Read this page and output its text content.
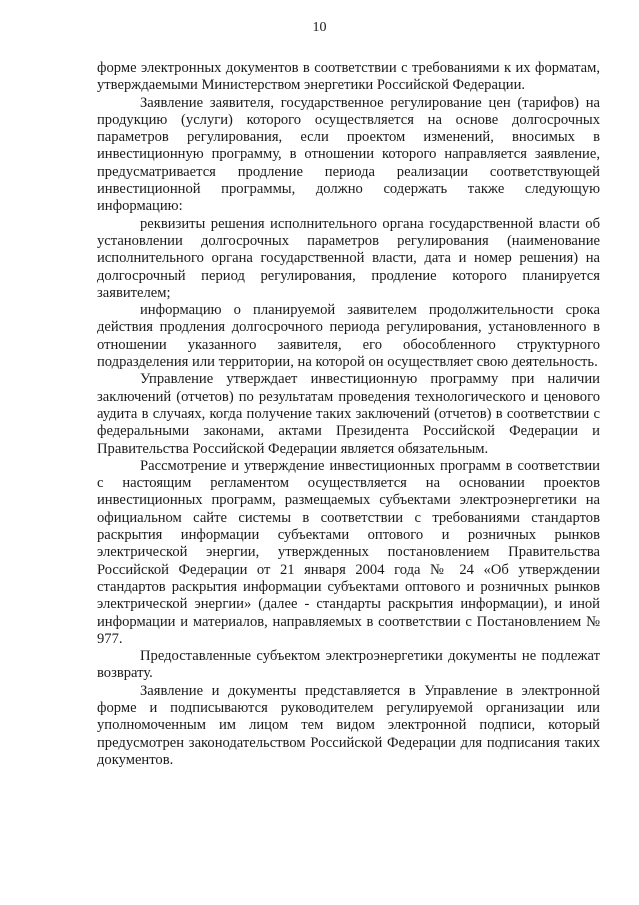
10

форме электронных документов в соответствии с требованиями к их форматам, утверждаемыми Министерством энергетики Российской Федерации.

Заявление заявителя, государственное регулирование цен (тарифов) на продукцию (услуги) которого осуществляется на основе долгосрочных параметров регулирования, если проектом изменений, вносимых в инвестиционную программу, в отношении которого направляется заявление, предусматривается продление периода реализации соответствующей инвестиционной программы, должно содержать также следующую информацию:

реквизиты решения исполнительного органа государственной власти об установлении долгосрочных параметров регулирования (наименование исполнительного органа государственной власти, дата и номер решения) на долгосрочный период регулирования, продление которого планируется заявителем;

информацию о планируемой заявителем продолжительности срока действия продления долгосрочного периода регулирования, установленного в отношении указанного заявителя, его обособленного структурного подразделения или территории, на которой он осуществляет свою деятельность.

Управление утверждает инвестиционную программу при наличии заключений (отчетов) по результатам проведения технологического и ценового аудита в случаях, когда получение таких заключений (отчетов) в соответствии с федеральными законами, актами Президента Российской Федерации и Правительства Российской Федерации является обязательным.

Рассмотрение и утверждение инвестиционных программ в соответствии с настоящим регламентом осуществляется на основании проектов инвестиционных программ, размещаемых субъектами электроэнергетики на официальном сайте системы в соответствии с требованиями стандартов раскрытия информации субъектами оптового и розничных рынков электрической энергии, утвержденных постановлением Правительства Российской Федерации от 21 января 2004 года № 24 «Об утверждении стандартов раскрытия информации субъектами оптового и розничных рынков электрической энергии» (далее - стандарты раскрытия информации), и иной информации и материалов, направляемых в соответствии с Постановлением № 977.

Предоставленные субъектом электроэнергетики документы не подлежат возврату.

Заявление и документы представляется в Управление в электронной форме и подписываются руководителем регулируемой организации или уполномоченным им лицом тем видом электронной подписи, который предусмотрен законодательством Российской Федерации для подписания таких документов.
